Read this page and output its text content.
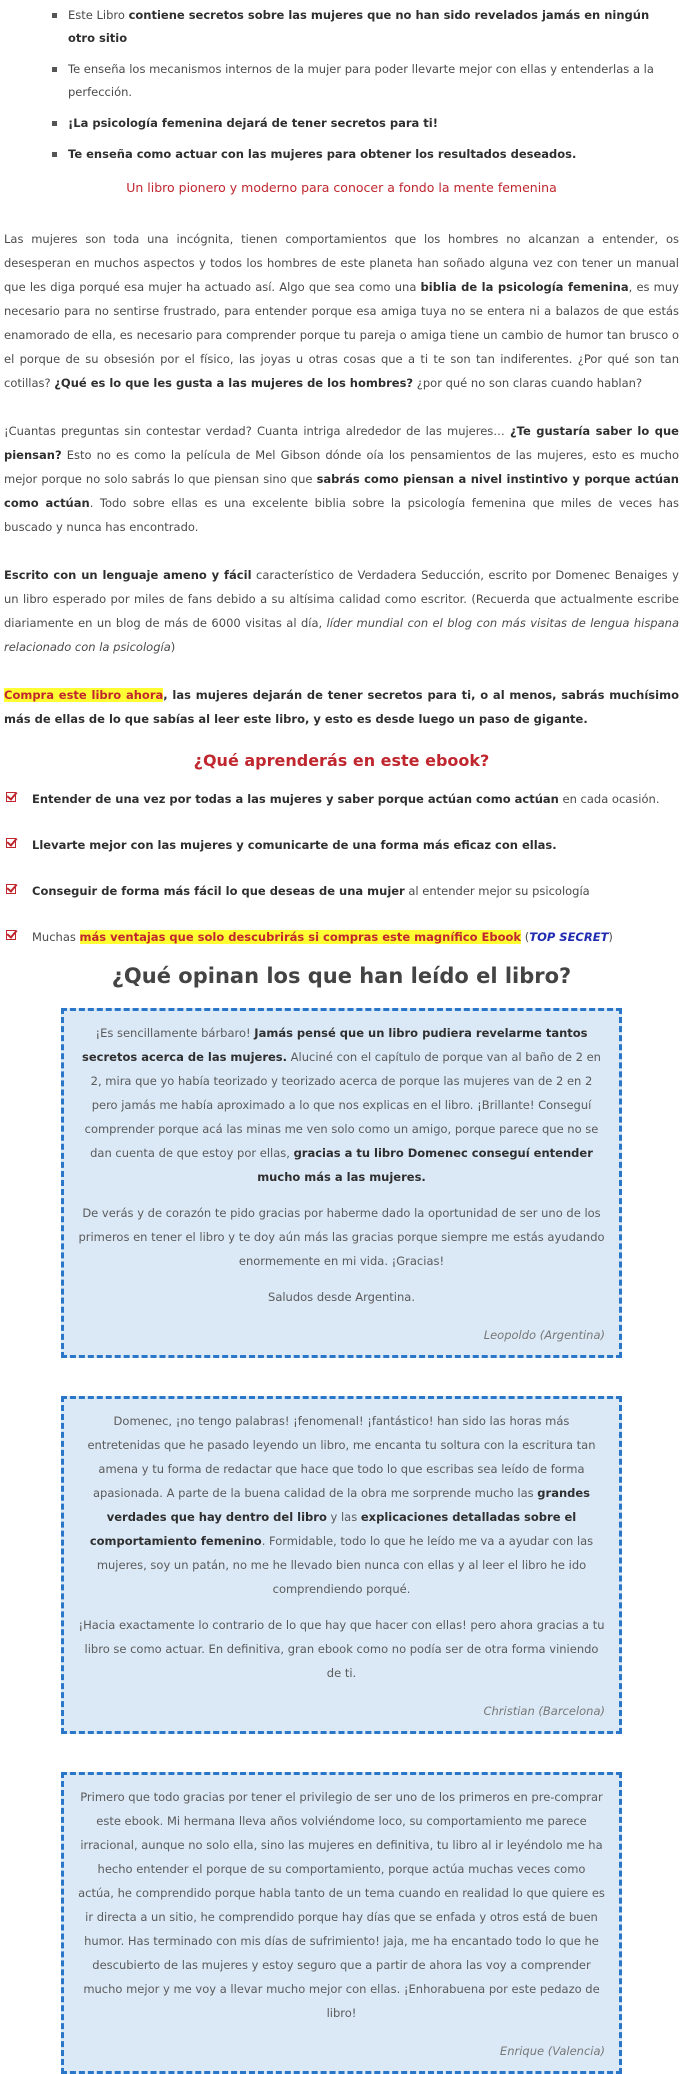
Este Libro contiene secretos sobre las mujeres que no han sido revelados jamás en ningún otro sitio
Te enseña los mecanismos internos de la mujer para poder llevarte mejor con ellas y entenderlas a la perfección.
¡La psicología femenina dejará de tener secretos para ti!
Te enseña como actuar con las mujeres para obtener los resultados deseados.
Un libro pionero y moderno para conocer a fondo la mente femenina

Las mujeres son toda una incógnita, tienen comportamientos que los hombres no alcanzan a entender, os desesperan en muchos aspectos y todos los hombres de este planeta han soñado alguna vez con tener un manual que les diga porqué esa mujer ha actuado así. Algo que sea como una biblia de la psicología femenina, es muy necesario para no sentirse frustrado, para entender porque esa amiga tuya no se entera ni a balazos de que estás enamorado de ella, es necesario para comprender porque tu pareja o amiga tiene un cambio de humor tan brusco o el porque de su obsesión por el físico, las joyas u otras cosas que a ti te son tan indiferentes. ¿Por qué son tan cotillas? ¿Qué es lo que les gusta a las mujeres de los hombres? ¿por qué no son claras cuando hablan?

¡Cuantas preguntas sin contestar verdad? Cuanta intriga alrededor de las mujeres… ¿Te gustaría saber lo que piensan? Esto no es como la película de Mel Gibson dónde oía los pensamientos de las mujeres, esto es mucho mejor porque no solo sabrás lo que piensan sino que sabrás como piensan a nivel instintivo y porque actúan como actúan. Todo sobre ellas es una excelente biblia sobre la psicología femenina que miles de veces has buscado y nunca has encontrado.

Escrito con un lenguaje ameno y fácil característico de Verdadera Seducción, escrito por Domenec Benaiges y un libro esperado por miles de fans debido a su altísima calidad como escritor. (Recuerda que actualmente escribe diariamente en un blog de más de 6000 visitas al día, líder mundial con el blog con más visitas de lengua hispana relacionado con la psicología)

Compra este libro ahora, las mujeres dejarán de tener secretos para ti, o al menos, sabrás muchísimo más de ellas de lo que sabías al leer este libro, y esto es desde luego un paso de gigante.

¿Qué aprenderás en este ebook?
Entender de una vez por todas a las mujeres y saber porque actúan como actúan en cada ocasión.
Llevarte mejor con las mujeres y comunicarte de una forma más eficaz con ellas.
Conseguir de forma más fácil lo que deseas de una mujer al entender mejor su psicología
Muchas más ventajas que solo descubrirás si compras este magnífico Ebook (TOP SECRET)
¿Qué opinan los que han leído el libro?

¡Es sencillamente bárbaro! Jamás pensé que un libro pudiera revelarme tantos secretos acerca de las mujeres. Aluciné con el capítulo de porque van al baño de 2 en 2, mira que yo había teorizado y teorizado acerca de porque las mujeres van de 2 en 2 pero jamás me había aproximado a lo que nos explicas en el libro. ¡Brillante! Conseguí comprender porque acá las minas me ven solo como un amigo, porque parece que no se dan cuenta de que estoy por ellas, gracias a tu libro Domenec conseguí entender mucho más a las mujeres.

De verás y de corazón te pido gracias por haberme dado la oportunidad de ser uno de los primeros en tener el libro y te doy aún más las gracias porque siempre me estás ayudando enormemente en mi vida. ¡Gracias!

Saludos desde Argentina.

Leopoldo (Argentina)

Domenec, ¡no tengo palabras! ¡fenomenal! ¡fantástico! han sido las horas más entretenidas que he pasado leyendo un libro, me encanta tu soltura con la escritura tan amena y tu forma de redactar que hace que todo lo que escribas sea leído de forma apasionada. A parte de la buena calidad de la obra me sorprende mucho las grandes verdades que hay dentro del libro y las explicaciones detalladas sobre el comportamiento femenino. Formidable, todo lo que he leído me va a ayudar con las mujeres, soy un patán, no me he llevado bien nunca con ellas y al leer el libro he ido comprendiendo porqué.

¡Hacia exactamente lo contrario de lo que hay que hacer con ellas! pero ahora gracias a tu libro se como actuar. En definitiva, gran ebook como no podía ser de otra forma viniendo de ti.

Christian (Barcelona)

Primero que todo gracias por tener el privilegio de ser uno de los primeros en pre-comprar este ebook. Mi hermana lleva años volviéndome loco, su comportamiento me parece irracional, aunque no solo ella, sino las mujeres en definitiva, tu libro al ir leyéndolo me ha hecho entender el porque de su comportamiento, porque actúa muchas veces como actúa, he comprendido porque habla tanto de un tema cuando en realidad lo que quiere es ir directa a un sitio, he comprendido porque hay días que se enfada y otros está de buen humor. Has terminado con mis días de sufrimiento! jaja, me ha encantado todo lo que he descubierto de las mujeres y estoy seguro que a partir de ahora las voy a comprender mucho mejor y me voy a llevar mucho mejor con ellas. ¡Enhorabuena por este pedazo de libro!

Enrique (Valencia)
